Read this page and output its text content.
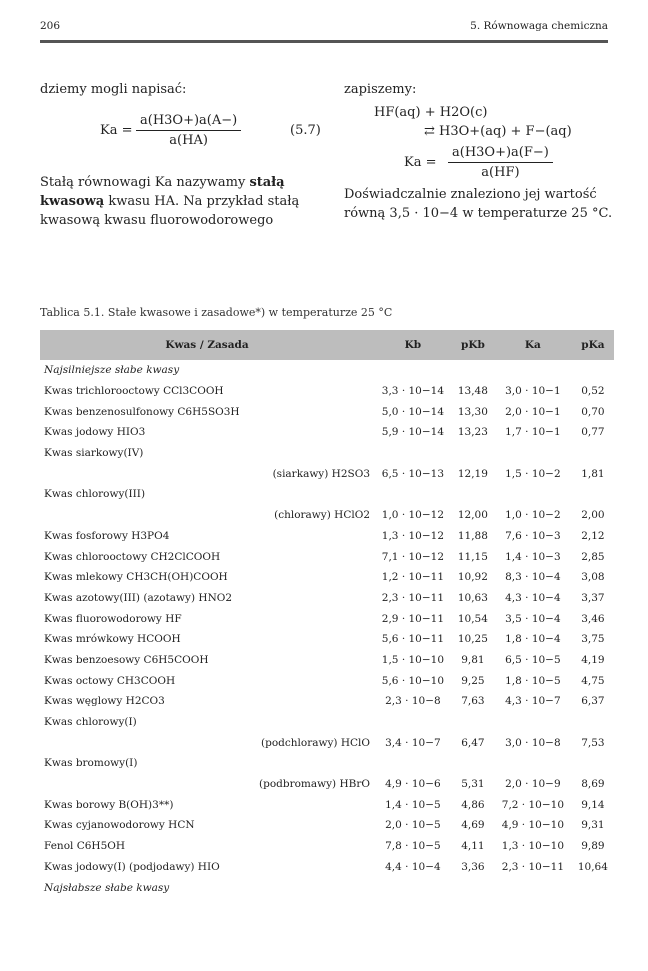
206	5. Równowaga chemiczna
dziemy mogli napisać:
$Ka = \frac{a(H3O+)a(A-)}{a(HA)}$	(5.7)
Stałą równowagi Ka nazywamy stałą kwasową kwasu HA. Na przykład stałą kwasową kwasu fluorowodorowego
zapiszemy:
HF(aq) + H2O(c)
⇄ H3O+(aq) + F−(aq)
$Ka = \frac{a(H3O+)a(F-)}{a(HF)}$
Doświadczalnie znaleziono jej wartość równą 3,5 · 10−4 w temperaturze 25 °C.
Tablica 5.1. Stałe kwasowe i zasadowe*) w temperaturze 25 °C
Kwas / Zasada	Kb	pKb	Ka	pKa
Najsilniejsze słabe kwasy				
Kwas trichlorooctowy CCl3COOH	3,3 · 10−14	13,48	3,0 · 10−1	0,52
Kwas benzenosulfonowy C6H5SO3H	5,0 · 10−14	13,30	2,0 · 10−1	0,70
Kwas jodowy HIO3	5,9 · 10−14	13,23	1,7 · 10−1	0,77
Kwas siarkowy(IV)				
(siarkawy) H2SO3	6,5 · 10−13	12,19	1,5 · 10−2	1,81
Kwas chlorowy(III)				
(chlorawy) HClO2	1,0 · 10−12	12,00	1,0 · 10−2	2,00
Kwas fosforowy H3PO4	1,3 · 10−12	11,88	7,6 · 10−3	2,12
Kwas chlorooctowy CH2ClCOOH	7,1 · 10−12	11,15	1,4 · 10−3	2,85
Kwas mlekowy CH3CH(OH)COOH	1,2 · 10−11	10,92	8,3 · 10−4	3,08
Kwas azotowy(III) (azotawy) HNO2	2,3 · 10−11	10,63	4,3 · 10−4	3,37
Kwas fluorowodorowy HF	2,9 · 10−11	10,54	3,5 · 10−4	3,46
Kwas mrówkowy HCOOH	5,6 · 10−11	10,25	1,8 · 10−4	3,75
Kwas benzoesowy C6H5COOH	1,5 · 10−10	9,81	6,5 · 10−5	4,19
Kwas octowy CH3COOH	5,6 · 10−10	9,25	1,8 · 10−5	4,75
Kwas węglowy H2CO3	2,3 · 10−8	7,63	4,3 · 10−7	6,37
Kwas chlorowy(I)				
(podchlorawy) HClO	3,4 · 10−7	6,47	3,0 · 10−8	7,53
Kwas bromowy(I)				
(podbromawy) HBrO	4,9 · 10−6	5,31	2,0 · 10−9	8,69
Kwas borowy B(OH)3**)	1,4 · 10−5	4,86	7,2 · 10−10	9,14
Kwas cyjanowodorowy HCN	2,0 · 10−5	4,69	4,9 · 10−10	9,31
Fenol C6H5OH	7,8 · 10−5	4,11	1,3 · 10−10	9,89
Kwas jodowy(I) (podjodawy) HIO	4,4 · 10−4	3,36	2,3 · 10−11	10,64
Najsłabsze słabe kwasy				
